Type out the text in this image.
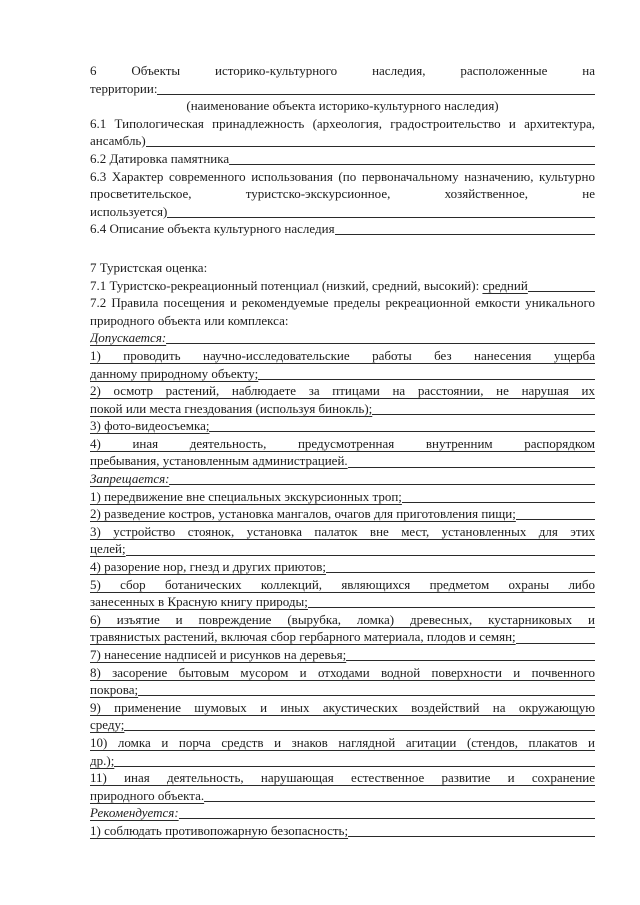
6 Объекты историко-культурного наследия, расположенные на
территории:
(наименование объекта историко-культурного наследия)
6.1 Типологическая принадлежность (археология, градостроительство и архитектура,
ансамбль)
6.2 Датировка памятника
6.3 Характер современного использования (по первоначальному назначению, культурно
просветительское, туристско-экскурсионное, хозяйственное, не
используется)
6.4 Описание объекта культурного наследия
7 Туристская оценка:
7.1 Туристско-рекреационный потенциал (низкий, средний, высокий): средний
7.2 Правила посещения и рекомендуемые пределы рекреационной емкости уникального
природного объекта или комплекса:
Допускается:
1) проводить научно-исследовательские работы без нанесения ущерба
данному природному объекту;
2) осмотр растений, наблюдаете за птицами на расстоянии, не нарушая их
покой или места гнездования (используя бинокль);
3) фото-видеосъемка;
4) иная деятельность, предусмотренная внутренним распорядком
пребывания, установленным администрацией.
Запрещается:
1) передвижение вне специальных экскурсионных троп;
2) разведение костров, установка мангалов, очагов для приготовления пищи;
3) устройство стоянок, установка палаток вне мест, установленных для этих
целей;
4) разорение нор, гнезд и других приютов;
5) сбор ботанических коллекций, являющихся предметом охраны либо
занесенных в Красную книгу природы;
6) изъятие и повреждение (вырубка, ломка) древесных, кустарниковых и
травянистых растений, включая сбор гербарного материала, плодов и семян;
7) нанесение надписей и рисунков на деревья;
8) засорение бытовым мусором и отходами водной поверхности и почвенного
покрова;
9) применение шумовых и иных акустических воздействий на окружающую
среду;
10) ломка и порча средств и знаков наглядной агитации (стендов, плакатов и
др.);
11) иная деятельность, нарушающая естественное развитие и сохранение
природного объекта.
Рекомендуется:
1) соблюдать противопожарную безопасность;
